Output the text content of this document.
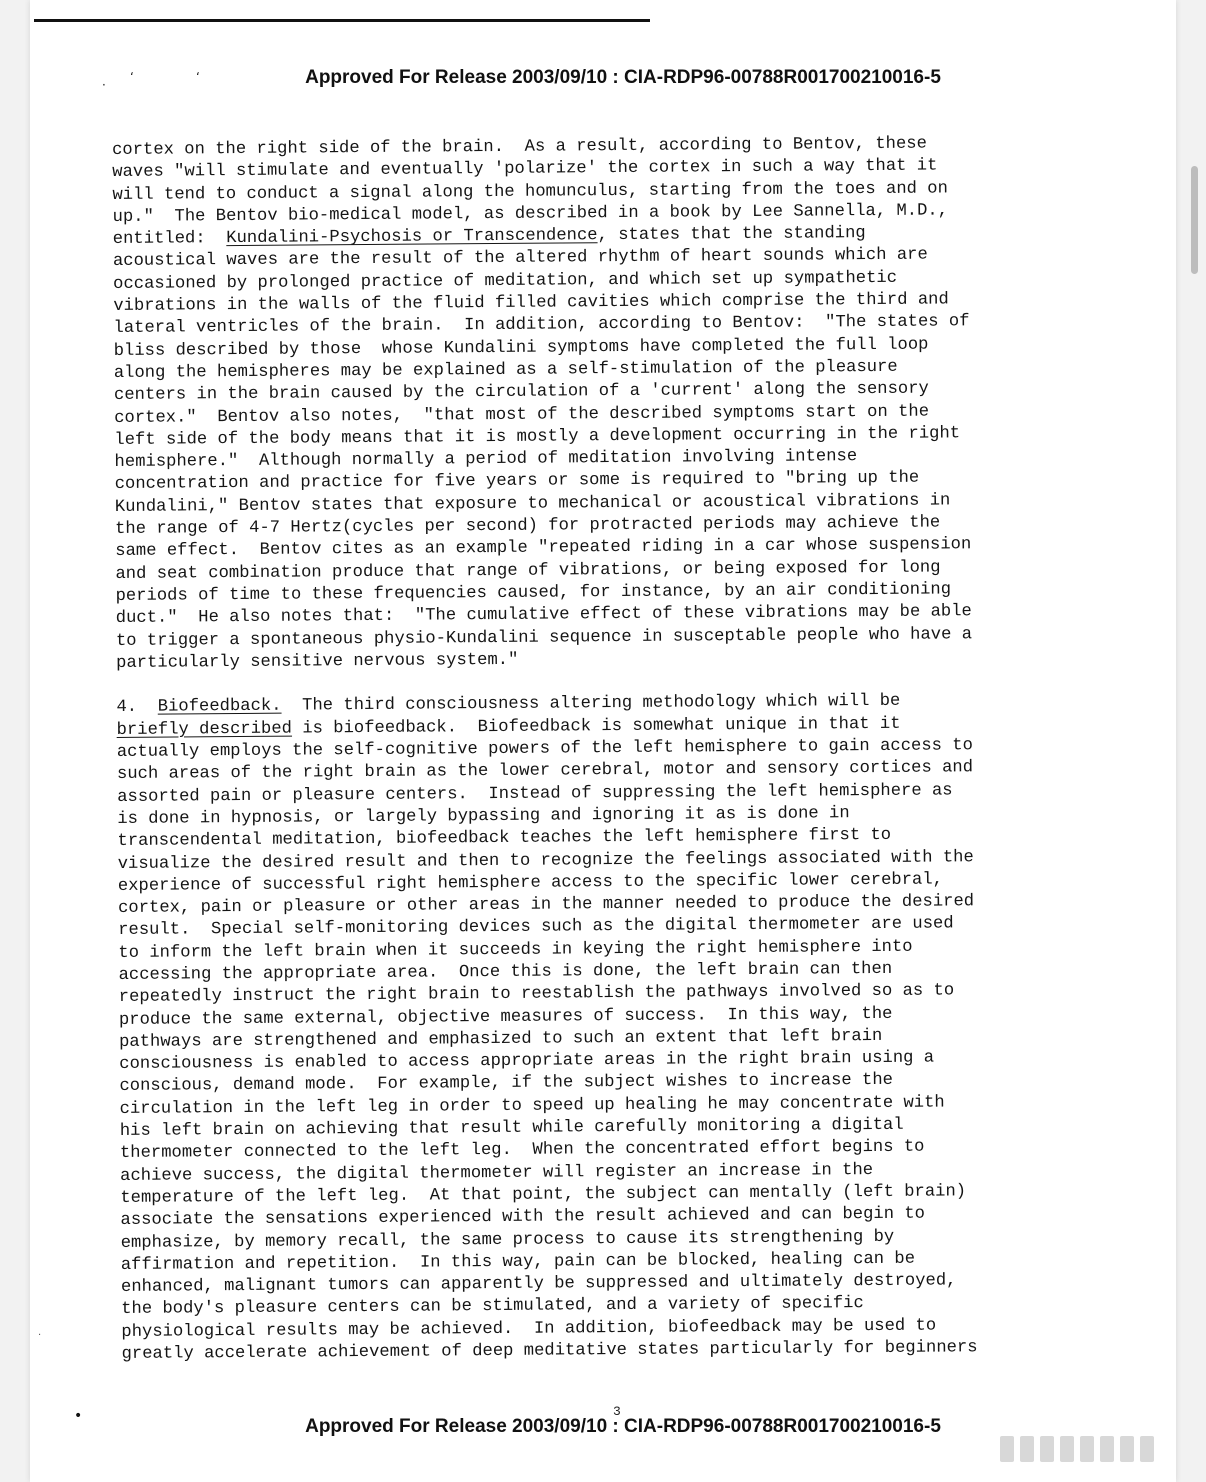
·
‘	‘	Approved For Release 2003/09/10 : CIA-RDP96-00788R001700210016-5
cortex on the right side of the brain.  As a result, according to Bentov, these
waves "will stimulate and eventually 'polarize' the cortex in such a way that it
will tend to conduct a signal along the homunculus, starting from the toes and on
up."  The Bentov bio-medical model, as described in a book by Lee Sannella, M.D.,
entitled:  Kundalini-Psychosis or Transcendence, states that the standing
acoustical waves are the result of the altered rhythm of heart sounds which are
occasioned by prolonged practice of meditation, and which set up sympathetic
vibrations in the walls of the fluid filled cavities which comprise the third and
lateral ventricles of the brain.  In addition, according to Bentov:  "The states of
bliss described by those  whose Kundalini symptoms have completed the full loop
along the hemispheres may be explained as a self-stimulation of the pleasure
centers in the brain caused by the circulation of a 'current' along the sensory
cortex."  Bentov also notes,  "that most of the described symptoms start on the
left side of the body means that it is mostly a development occurring in the right
hemisphere."  Although normally a period of meditation involving intense
concentration and practice for five years or some is required to "bring up the
Kundalini," Bentov states that exposure to mechanical or acoustical vibrations in
the range of 4-7 Hertz(cycles per second) for protracted periods may achieve the
same effect.  Bentov cites as an example "repeated riding in a car whose suspension
and seat combination produce that range of vibrations, or being exposed for long
periods of time to these frequencies caused, for instance, by an air conditioning
duct."  He also notes that:  "The cumulative effect of these vibrations may be able
to trigger a spontaneous physio-Kundalini sequence in susceptable people who have a
particularly sensitive nervous system."
4.  Biofeedback.  The third consciousness altering methodology which will be
briefly described is biofeedback.  Biofeedback is somewhat unique in that it
actually employs the self-cognitive powers of the left hemisphere to gain access to
such areas of the right brain as the lower cerebral, motor and sensory cortices and
assorted pain or pleasure centers.  Instead of suppressing the left hemisphere as
is done in hypnosis, or largely bypassing and ignoring it as is done in
transcendental meditation, biofeedback teaches the left hemisphere first to
visualize the desired result and then to recognize the feelings associated with the
experience of successful right hemisphere access to the specific lower cerebral,
cortex, pain or pleasure or other areas in the manner needed to produce the desired
result.  Special self-monitoring devices such as the digital thermometer are used
to inform the left brain when it succeeds in keying the right hemisphere into
accessing the appropriate area.  Once this is done, the left brain can then
repeatedly instruct the right brain to reestablish the pathways involved so as to
produce the same external, objective measures of success.  In this way, the
pathways are strengthened and emphasized to such an extent that left brain
consciousness is enabled to access appropriate areas in the right brain using a
conscious, demand mode.  For example, if the subject wishes to increase the
circulation in the left leg in order to speed up healing he may concentrate with
his left brain on achieving that result while carefully monitoring a digital
thermometer connected to the left leg.  When the concentrated effort begins to
achieve success, the digital thermometer will register an increase in the
temperature of the left leg.  At that point, the subject can mentally (left brain)
associate the sensations experienced with the result achieved and can begin to
emphasize, by memory recall, the same process to cause its strengthening by
affirmation and repetition.  In this way, pain can be blocked, healing can be
enhanced, malignant tumors can apparently be suppressed and ultimately destroyed,
the body's pleasure centers can be stimulated, and a variety of specific
physiological results may be achieved.  In addition, biofeedback may be used to
greatly accelerate achievement of deep meditative states particularly for beginners
·
•	3
Approved For Release 2003/09/10 : CIA-RDP96-00788R001700210016-5
